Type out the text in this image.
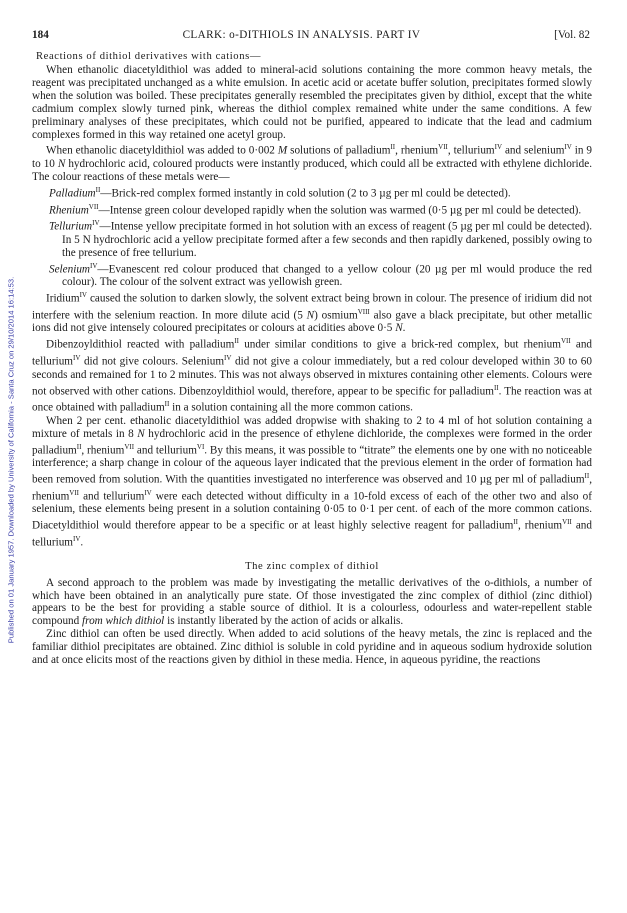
Published on 01 January 1957. Downloaded by University of California - Santa Cruz on 29/10/2014 16:14:53.
184	CLARK: o-DITHIOLS IN ANALYSIS. PART IV	[Vol. 82
Reactions of dithiol derivatives with cations—

When ethanolic diacetyldithiol was added to mineral-acid solutions containing the more common heavy metals, the reagent was precipitated unchanged as a white emulsion. In acetic acid or acetate buffer solution, precipitates formed slowly when the solution was boiled. These precipitates generally resembled the precipitates given by dithiol, except that the white cadmium complex slowly turned pink, whereas the dithiol complex remained white under the same conditions. A few preliminary analyses of these precipitates, which could not be purified, appeared to indicate that the lead and cadmium complexes formed in this way retained one acetyl group.

When ethanolic diacetyldithiol was added to 0·002 M solutions of palladium$^{II}$, rhenium$^{VII}$, tellurium$^{IV}$ and selenium$^{IV}$ in 9 to 10 N hydrochloric acid, coloured products were instantly produced, which could all be extracted with ethylene dichloride. The colour reactions of these metals were—

Palladium$^{II}$—Brick-red complex formed instantly in cold solution (2 to 3 µg per ml could be detected).

Rhenium$^{VII}$—Intense green colour developed rapidly when the solution was warmed (0·5 µg per ml could be detected).

Tellurium$^{IV}$—Intense yellow precipitate formed in hot solution with an excess of reagent (5 µg per ml could be detected). In 5 N hydrochloric acid a yellow precipitate formed after a few seconds and then rapidly darkened, possibly owing to the presence of free tellurium.

Selenium$^{IV}$—Evanescent red colour produced that changed to a yellow colour (20 µg per ml would produce the red colour). The colour of the solvent extract was yellowish green.

Iridium$^{IV}$ caused the solution to darken slowly, the solvent extract being brown in colour. The presence of iridium did not interfere with the selenium reaction. In more dilute acid (5 N) osmium$^{VIII}$ also gave a black precipitate, but other metallic ions did not give intensely coloured precipitates or colours at acidities above 0·5 N.

Dibenzoyldithiol reacted with palladium$^{II}$ under similar conditions to give a brick-red complex, but rhenium$^{VII}$ and tellurium$^{IV}$ did not give colours. Selenium$^{IV}$ did not give a colour immediately, but a red colour developed within 30 to 60 seconds and remained for 1 to 2 minutes. This was not always observed in mixtures containing other elements. Colours were not observed with other cations. Dibenzoyldithiol would, therefore, appear to be specific for palladium$^{II}$. The reaction was at once obtained with palladium$^{II}$ in a solution containing all the more common cations.

When 2 per cent. ethanolic diacetyldithiol was added dropwise with shaking to 2 to 4 ml of hot solution containing a mixture of metals in 8 N hydrochloric acid in the presence of ethylene dichloride, the complexes were formed in the order palladium$^{II}$, rhenium$^{VII}$ and tellurium$^{VI}$. By this means, it was possible to “titrate” the elements one by one with no noticeable interference; a sharp change in colour of the aqueous layer indicated that the previous element in the order of formation had been removed from solution. With the quantities investigated no interference was observed and 10 µg per ml of palladium$^{II}$, rhenium$^{VII}$ and tellurium$^{IV}$ were each detected without difficulty in a 10-fold excess of each of the other two and also of selenium, these elements being present in a solution containing 0·05 to 0·1 per cent. of each of the more common cations. Diacetyldithiol would therefore appear to be a specific or at least highly selective reagent for palladium$^{II}$, rhenium$^{VII}$ and tellurium$^{IV}$.

The zinc complex of dithiol

A second approach to the problem was made by investigating the metallic derivatives of the o-dithiols, a number of which have been obtained in an analytically pure state. Of those investigated the zinc complex of dithiol (zinc dithiol) appears to be the best for providing a stable source of dithiol. It is a colourless, odourless and water-repellent stable compound from which dithiol is instantly liberated by the action of acids or alkalis.

Zinc dithiol can often be used directly. When added to acid solutions of the heavy metals, the zinc is replaced and the familiar dithiol precipitates are obtained. Zinc dithiol is soluble in cold pyridine and in aqueous sodium hydroxide solution and at once elicits most of the reactions given by dithiol in these media. Hence, in aqueous pyridine, the reactions
